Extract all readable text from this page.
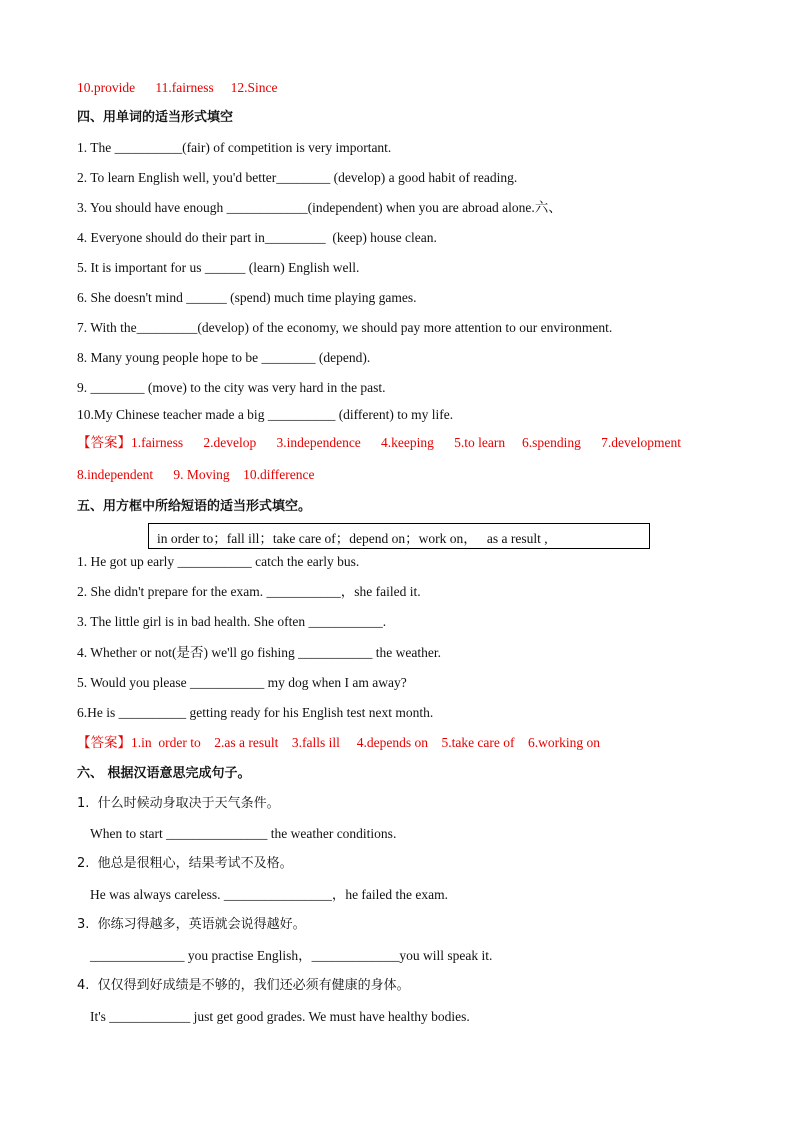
10.provide      11.fairness     12.Since
四、用单词的适当形式填空
1. The __________(fair) of competition is very important.
2. To learn English well, you'd better________ (develop) a good habit of reading.
3. You should have enough ____________(independent) when you are abroad alone.六、
4. Everyone should do their part in_________  (keep) house clean.
5. It is important for us ______ (learn) English well.
6. She doesn't mind ______ (spend) much time playing games.
7. With the_________(develop) of the economy, we should pay more attention to our environment.
8. Many young people hope to be ________ (depend).
9. ________ (move) to the city was very hard in the past.
10.My Chinese teacher made a big __________ (different) to my life.
【答案】1.fairness      2.develop      3.independence      4.keeping      5.to learn     6.spending      7.development
8.independent      9. Moving    10.difference
五、用方框中所给短语的适当形式填空。
in order to；fall ill；take care of；depend on；work on，   as a result ,
1. He got up early ___________ catch the early bus.
2. She didn't prepare for the exam. ___________，she failed it.
3. The little girl is in bad health. She often ___________.
4. Whether or not(是否) we'll go fishing ___________ the weather.
5. Would you please ___________ my dog when I am away?
6.He is __________ getting ready for his English test next month.
【答案】1.in  order to    2.as a result    3.falls ill     4.depends on    5.take care of    6.working on
六、 根据汉语意思完成句子。
1.  什么时候动身取决于天气条件。
When to start _______________ the weather conditions.
2.  他总是很粗心，结果考试不及格。
He was always careless. ________________，he failed the exam.
3.  你练习得越多，英语就会说得越好。
______________ you practise English，_____________you will speak it.
4.  仅仅得到好成绩是不够的，我们还必须有健康的身体。
It's ____________ just get good grades. We must have healthy bodies.
